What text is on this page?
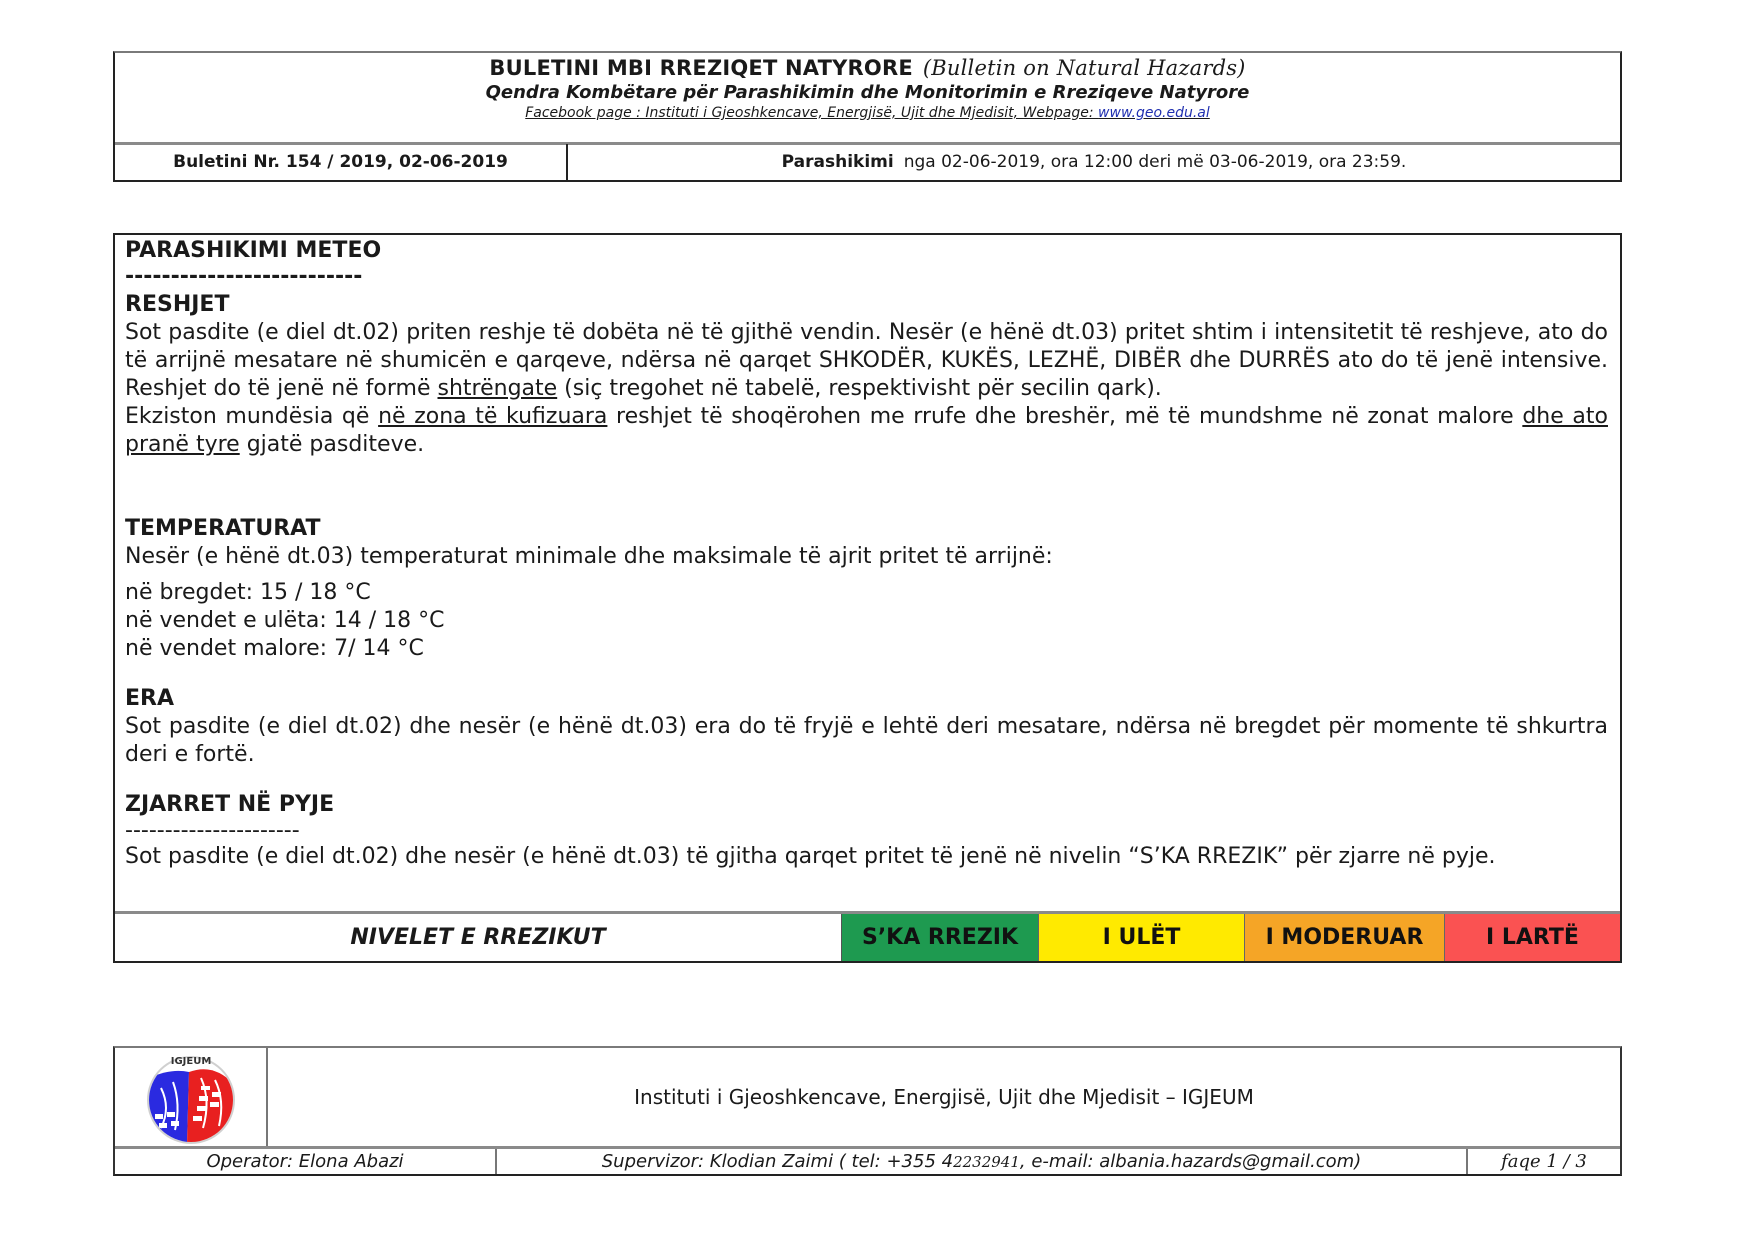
BULETINI MBI RREZIQET NATYRORE (Bulletin on Natural Hazards)
Qendra Kombëtare për Parashikimin dhe Monitorimin e Rreziqeve Natyrore
Facebook page : Instituti i Gjeoshkencave, Energjisë, Ujit dhe Mjedisit, Webpage: www.geo.edu.al
Buletini Nr. 154 / 2019, 02-06-2019	Parashikimi nga 02-06-2019, ora 12:00 deri më 03-06-2019, ora 23:59.
PARASHIKIMI METEO
--------------------------
RESHJET
Sot pasdite (e diel dt.02) priten reshje të dobëta në të gjithë vendin. Nesër (e hënë dt.03) pritet shtim i intensitetit të reshjeve, ato do të arrijnë mesatare në shumicën e qarqeve, ndërsa në qarqet SHKODËR, KUKËS, LEZHË, DIBËR dhe DURRËS ato do të jenë intensive. Reshjet do të jenë në formë shtrëngate (siç tregohet në tabelë, respektivisht për secilin qark).
Ekziston mundësia që në zona të kufizuara reshjet të shoqërohen me rrufe dhe breshër, më të mundshme në zonat malore dhe ato pranë tyre gjatë pasditeve.
TEMPERATURAT
Nesër (e hënë dt.03) temperaturat minimale dhe maksimale të ajrit pritet të arrijnë:
në bregdet: 15 / 18 °C
në vendet e ulëta: 14 / 18 °C
në vendet malore: 7/ 14 °C
ERA
Sot pasdite (e diel dt.02) dhe nesër (e hënë dt.03) era do të fryjë e lehtë deri mesatare, ndërsa në bregdet për momente të shkurtra deri e fortë.
ZJARRET NË PYJE
----------------------
Sot pasdite (e diel dt.02) dhe nesër (e hënë dt.03) të gjitha qarqet pritet të jenë në nivelin “S’KA RREZIK” për zjarre në pyje.
NIVELET E RREZIKUT	S’KA RREZIK	I ULËT	I MODERUAR	I LARTË
IGJEUM
Instituti i Gjeoshkencave, Energjisë, Ujit dhe Mjedisit – IGJEUM
Operator: Elona Abazi	Supervizor: Klodian Zaimi ( tel: +355 4 2232941 , e-mail: albania.hazards@gmail.com)	faqe 1 / 3
